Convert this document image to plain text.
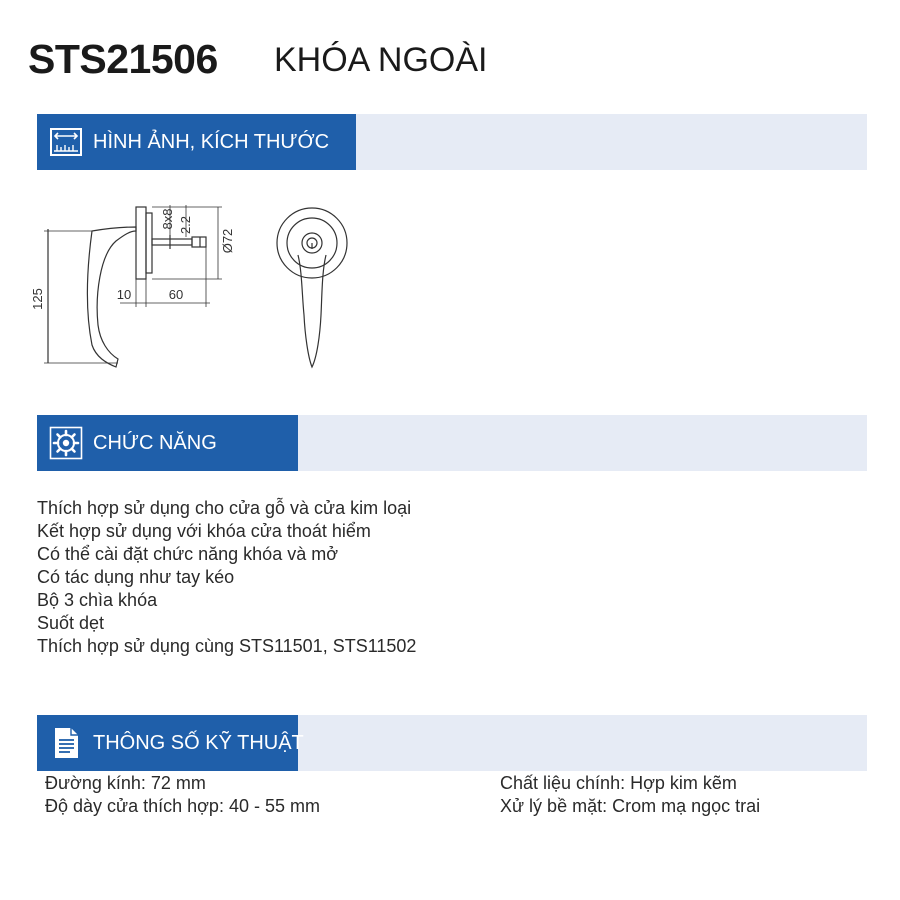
STS21506 KHÓA NGOÀI
HÌNH ẢNH, KÍCH THƯỚC
125	10	60
8x8 2.2
Ø72
CHỨC NĂNG
Thích hợp sử dụng cho cửa gỗ và cửa kim loại
Kết hợp sử dụng với khóa cửa thoát hiểm
Có thể cài đặt chức năng khóa và mở
Có tác dụng như tay kéo
Bộ 3 chìa khóa
Suốt dẹt
Thích hợp sử dụng cùng STS11501, STS11502
THÔNG SỐ KỸ THUẬT
Đường kính: 72 mm
Độ dày cửa thích hợp: 40 - 55 mm
Chất liệu chính: Hợp kim kẽm
Xử lý bề mặt: Crom mạ ngọc trai
